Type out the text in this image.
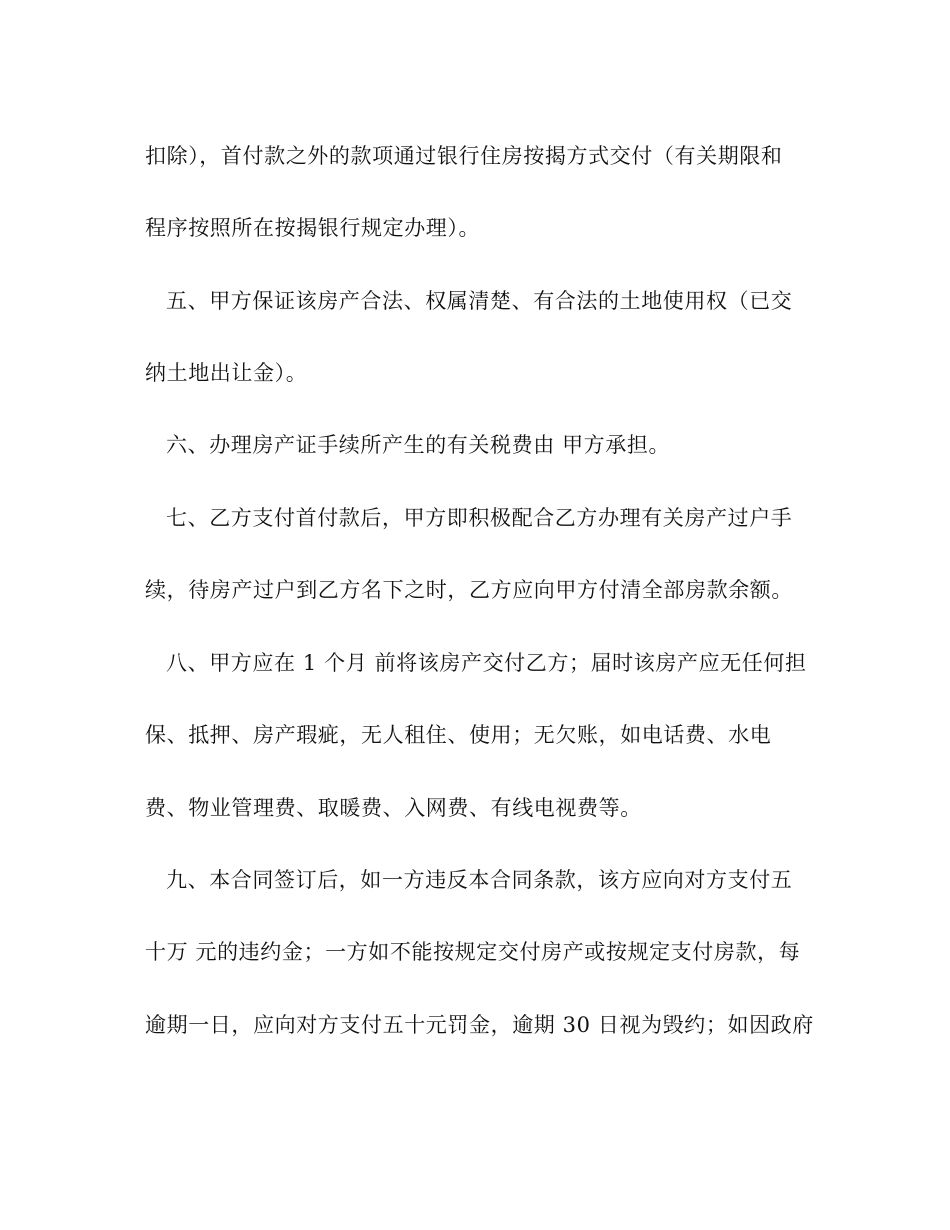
扣除），首付款之外的款项通过银行住房按揭方式交付（有关期限和
程序按照所在按揭银行规定办理）。
五、甲方保证该房产合法、权属清楚、有合法的土地使用权（已交
纳土地出让金）。
六、办理房产证手续所产生的有关税费由 甲方承担。
七、乙方支付首付款后，甲方即积极配合乙方办理有关房产过户手
续，待房产过户到乙方名下之时，乙方应向甲方付清全部房款余额。
八、甲方应在 1 个月 前将该房产交付乙方；届时该房产应无任何担
保、抵押、房产瑕疵，无人租住、使用；无欠账，如电话费、水电
费、物业管理费、取暖费、入网费、有线电视费等。
九、本合同签订后，如一方违反本合同条款，该方应向对方支付五
十万 元的违约金；一方如不能按规定交付房产或按规定支付房款，每
逾期一日，应向对方支付五十元罚金，逾期 30 日视为毁约；如因政府
